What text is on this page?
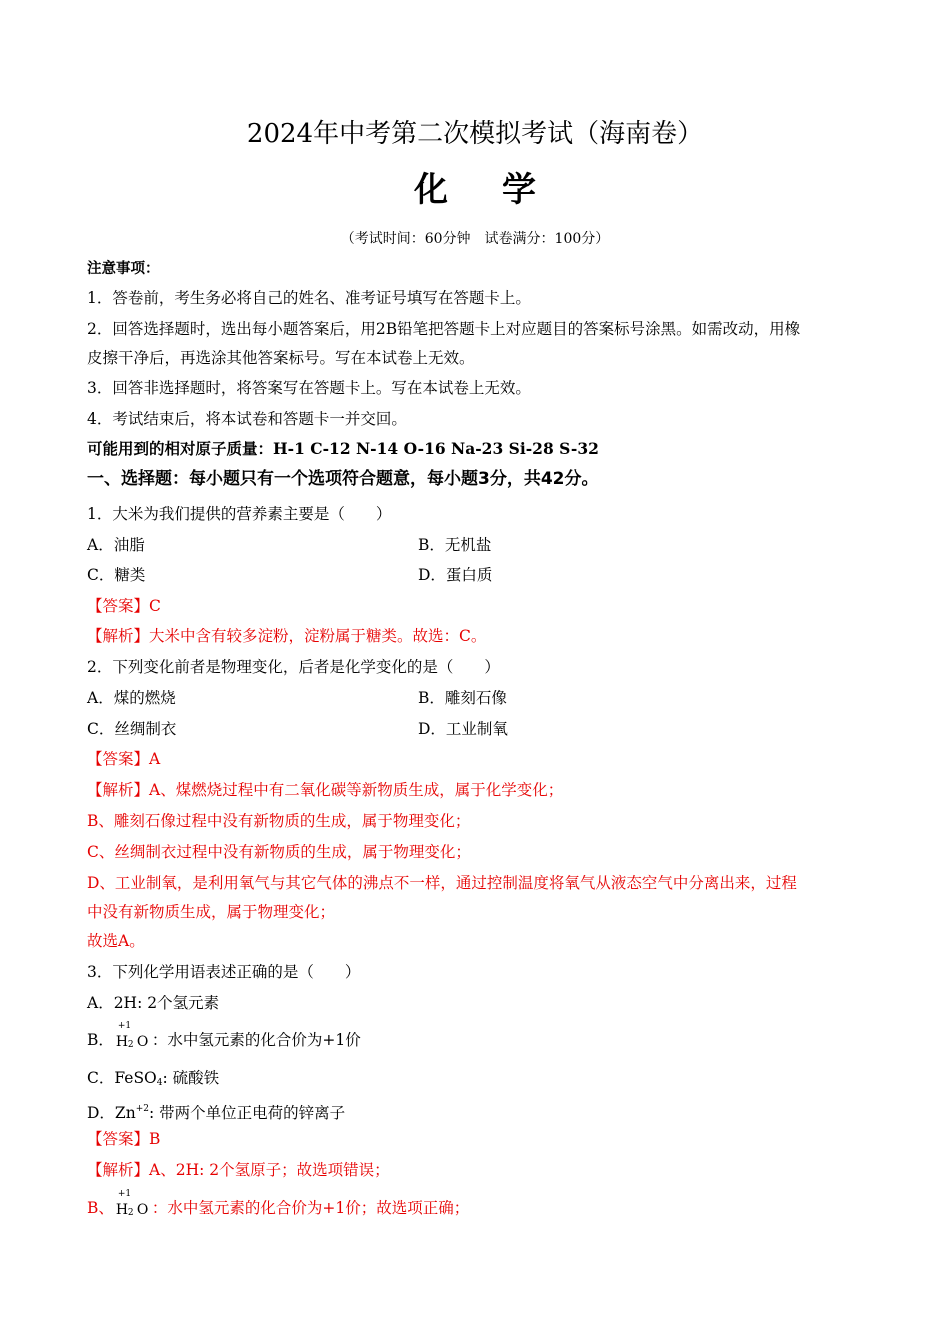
2024年中考第二次模拟考试（海南卷）
化 学
（考试时间：60分钟　试卷满分：100分）
注意事项：
1．答卷前，考生务必将自己的姓名、准考证号填写在答题卡上。
2．回答选择题时，选出每小题答案后，用2B铅笔把答题卡上对应题目的答案标号涂黑。如需改动，用橡
皮擦干净后，再选涂其他答案标号。写在本试卷上无效。
3．回答非选择题时，将答案写在答题卡上。写在本试卷上无效。
4．考试结束后，将本试卷和答题卡一并交回。
可能用到的相对原子质量：H-1 C-12 N-14 O-16 Na-23 Si-28 S-32
一、选择题：每小题只有一个选项符合题意，每小题3分，共42分。
1．大米为我们提供的营养素主要是（　　）
A．油脂	B．无机盐
C．糖类	D．蛋白质
【答案】C
【解析】大米中含有较多淀粉，淀粉属于糖类。故选：C。
2．下列变化前者是物理变化，后者是化学变化的是（　　）
A．煤的燃烧	B．雕刻石像
C．丝绸制衣	D．工业制氧
【答案】A
【解析】A、煤燃烧过程中有二氧化碳等新物质生成，属于化学变化；
B、雕刻石像过程中没有新物质的生成，属于物理变化；
C、丝绸制衣过程中没有新物质的生成，属于物理变化；
D、工业制氧，是利用氧气与其它气体的沸点不一样，通过控制温度将氧气从液态空气中分离出来，过程
中没有新物质生成，属于物理变化；
故选A。
3．下列化学用语表述正确的是（　　）
A．2H: 2个氢元素
B．
+1
H 2 O ：水中氢元素的化合价为+1价
C．FeSO$_4$: 硫酸铁
D．$Zn^{+2}$: 带两个单位正电荷的锌离子
【答案】B
【解析】A、2H: 2个氢原子；故选项错误；
B、
+1
H 2 O ：水中氢元素的化合价为+1价；故选项正确；
